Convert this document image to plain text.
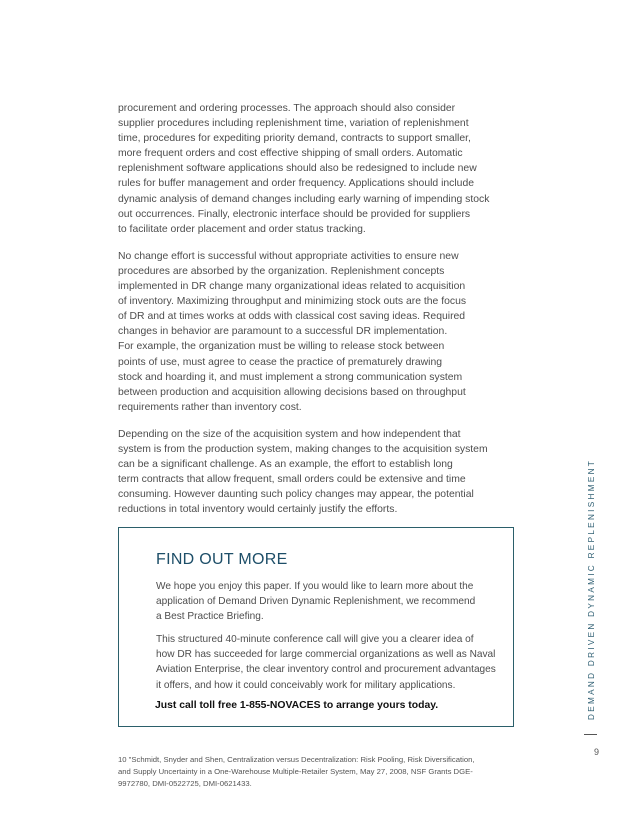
procurement and ordering processes. The approach should also consider
supplier procedures including replenishment time, variation of replenishment
time, procedures for expediting priority demand, contracts to support smaller,
more frequent orders and cost effective shipping of small orders. Automatic
replenishment software applications should also be redesigned to include new
rules for buffer management and order frequency. Applications should include
dynamic analysis of demand changes including early warning of impending stock
out occurrences. Finally, electronic interface should be provided for suppliers
to facilitate order placement and order status tracking.

No change effort is successful without appropriate activities to ensure new
procedures are absorbed by the organization. Replenishment concepts
implemented in DR change many organizational ideas related to acquisition
of inventory. Maximizing throughput and minimizing stock outs are the focus
of DR and at times works at odds with classical cost saving ideas. Required
changes in behavior are paramount to a successful DR implementation.
For example, the organization must be willing to release stock between
points of use, must agree to cease the practice of prematurely drawing
stock and hoarding it, and must implement a strong communication system
between production and acquisition allowing decisions based on throughput
requirements rather than inventory cost.

Depending on the size of the acquisition system and how independent that
system is from the production system, making changes to the acquisition system
can be a significant challenge. As an example, the effort to establish long
term contracts that allow frequent, small orders could be extensive and time
consuming. However daunting such policy changes may appear, the potential
reductions in total inventory would certainly justify the efforts.

FIND OUT MORE
We hope you enjoy this paper. If you would like to learn more about the
application of Demand Driven Dynamic Replenishment, we recommend
a Best Practice Briefing.
This structured 40-minute conference call will give you a clearer idea of
how DR has succeeded for large commercial organizations as well as Naval
Aviation Enterprise, the clear inventory control and procurement advantages
it offers, and how it could conceivably work for military applications.
Just call toll free 1-855-NOVACES to arrange yours today.	DEMAND DRIVEN DYNAMIC REPLENISHMENT
9
10 "Schmidt, Snyder and Shen, Centralization versus Decentralization: Risk Pooling, Risk Diversification,
and Supply Uncertainty in a One-Warehouse Multiple-Retailer System, May 27, 2008, NSF Grants DGE-
9972780, DMI-0522725, DMI-0621433.
